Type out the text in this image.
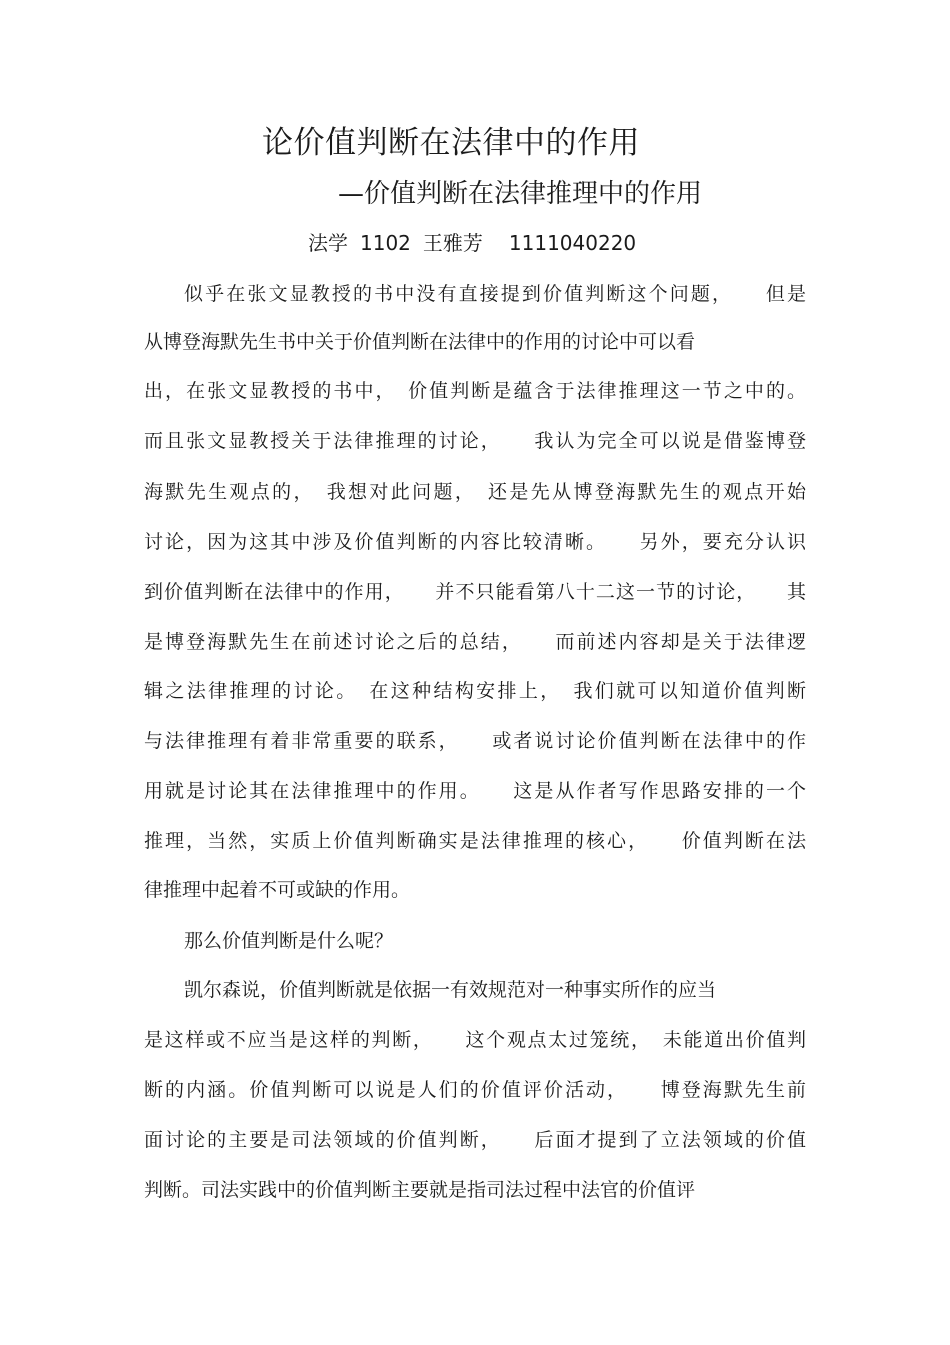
论价值判断在法律中的作用
—价值判断在法律推理中的作用
法学 1102 王雅芳 1111040220
似乎在张文显教授的书中没有直接提到价值判断这个问题，　　但是
从博登海默先生书中关于价值判断在法律中的作用的讨论中可以看
出，在张文显教授的书中，　价值判断是蕴含于法律推理这一节之中的。
而且张文显教授关于法律推理的讨论，　　我认为完全可以说是借鉴博登
海默先生观点的，　我想对此问题，　还是先从博登海默先生的观点开始
讨论，因为这其中涉及价值判断的内容比较清晰。　　另外，要充分认识
到价值判断在法律中的作用，　　并不只能看第八十二这一节的讨论，　　其
是博登海默先生在前述讨论之后的总结，　　而前述内容却是关于法律逻
辑之法律推理的讨论。　在这种结构安排上，　我们就可以知道价值判断
与法律推理有着非常重要的联系，　　或者说讨论价值判断在法律中的作
用就是讨论其在法律推理中的作用。　　这是从作者写作思路安排的一个
推理，当然，实质上价值判断确实是法律推理的核心，　　价值判断在法
律推理中起着不可或缺的作用。
那么价值判断是什么呢？
凯尔森说，价值判断就是依据一有效规范对一种事实所作的应当
是这样或不应当是这样的判断，　　这个观点太过笼统，　未能道出价值判
断的内涵。价值判断可以说是人们的价值评价活动，　　博登海默先生前
面讨论的主要是司法领域的价值判断，　　后面才提到了立法领域的价值
判断。司法实践中的价值判断主要就是指司法过程中法官的价值评
